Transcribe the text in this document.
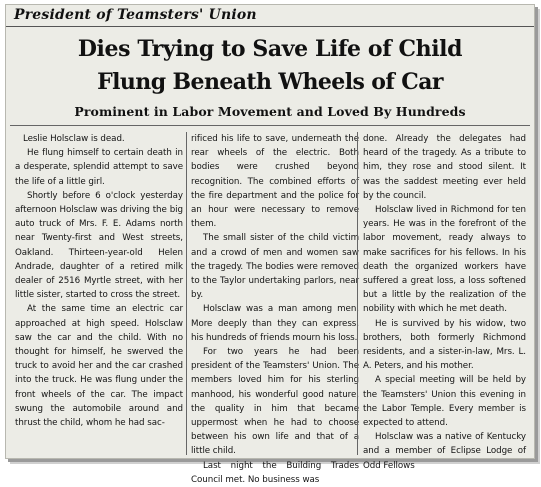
President of Teamsters' Union
Dies Trying to Save Life of Child
Flung Beneath Wheels of Car
Prominent in Labor Movement and Loved By Hundreds

Leslie Holsclaw is dead.

He flung himself to certain death in a desperate, splendid attempt to save the life of a little girl.

Shortly before 6 o'clock yesterday afternoon Holsclaw was driving the big auto truck of Mrs. F. E. Adams north near Twenty-first and West streets, Oakland. Thirteen-year-old Helen Andrade, daughter of a retired milk dealer of 2516 Myrtle street, with her little sister, started to cross the street.

At the same time an electric car approached at high speed. Holsclaw saw the car and the child. With no thought for himself, he swerved the truck to avoid her and the car crashed into the truck. He was flung under the front wheels of the car. The impact swung the automobile around and thrust the child, whom he had sac-

rificed his life to save, underneath the rear wheels of the electric. Both bodies were crushed beyond recognition. The combined efforts of the fire department and the police for an hour were necessary to remove them.

The small sister of the child victim and a crowd of men and women saw the tragedy. The bodies were removed to the Taylor undertaking parlors, near by.

Holsclaw was a man among men. More deeply than they can express, his hundreds of friends mourn his loss.

For two years he had been president of the Teamsters' Union. The members loved him for his sterling manhood, his wonderful good nature, the quality in him that became uppermost when he had to choose between his own life and that of a little child.

Last night the Building Trades Council met. No business was

done. Already the delegates had heard of the tragedy. As a tribute to him, they rose and stood silent. It was the saddest meeting ever held by the council.

Holsclaw lived in Richmond for ten years. He was in the forefront of the labor movement, ready always to make sacrifices for his fellows. In his death the organized workers have suffered a great loss, a loss softened but a little by the realization of the nobility with which he met death.

He is survived by his widow, two brothers, both formerly Richmond residents, and a sister-in-law, Mrs. L. A. Peters, and his mother.

A special meeting will be held by the Teamsters' Union this evening in the Labor Temple. Every member is expected to attend.

Holsclaw was a native of Kentucky and a member of Eclipse Lodge of Odd Fellows
